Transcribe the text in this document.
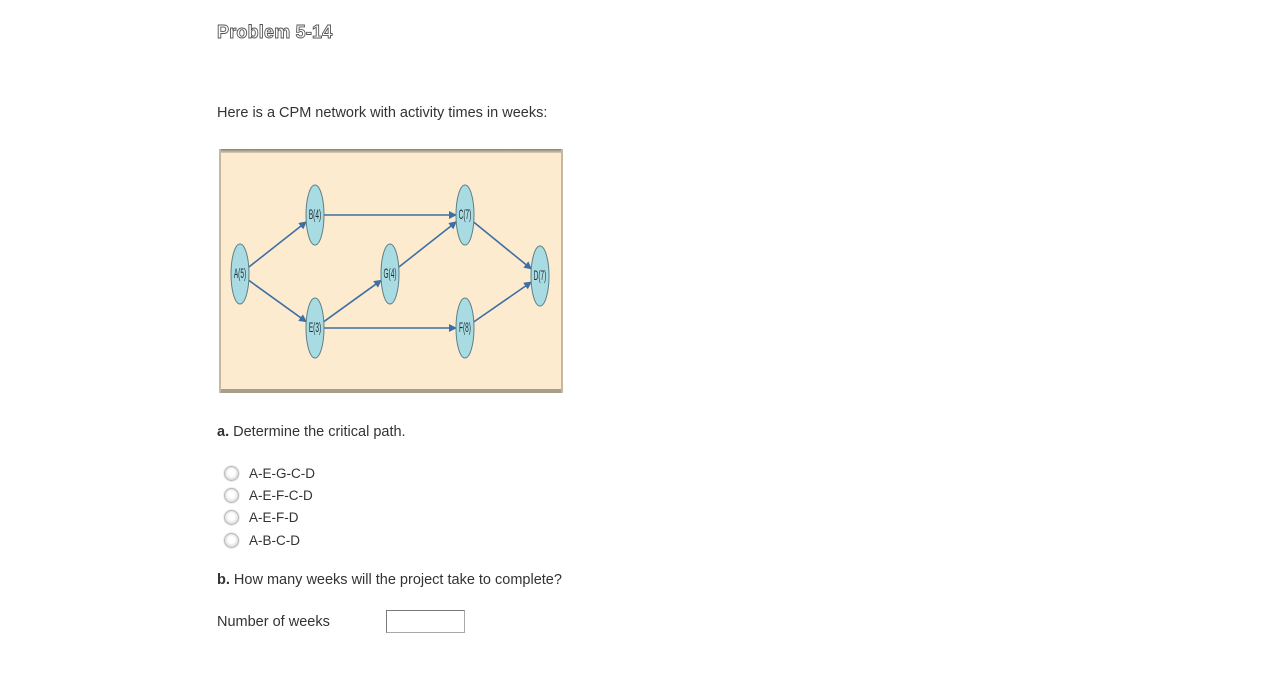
Problem 5-14
Here is a CPM network with activity times in weeks:
A(5)
B(4)	C(7)
D(7)
E(3)	F(8)
G(4)
a. Determine the critical path.
A-E-G-C-D
A-E-F-C-D
A-E-F-D
A-B-C-D
b. How many weeks will the project take to complete?
Number of weeks
